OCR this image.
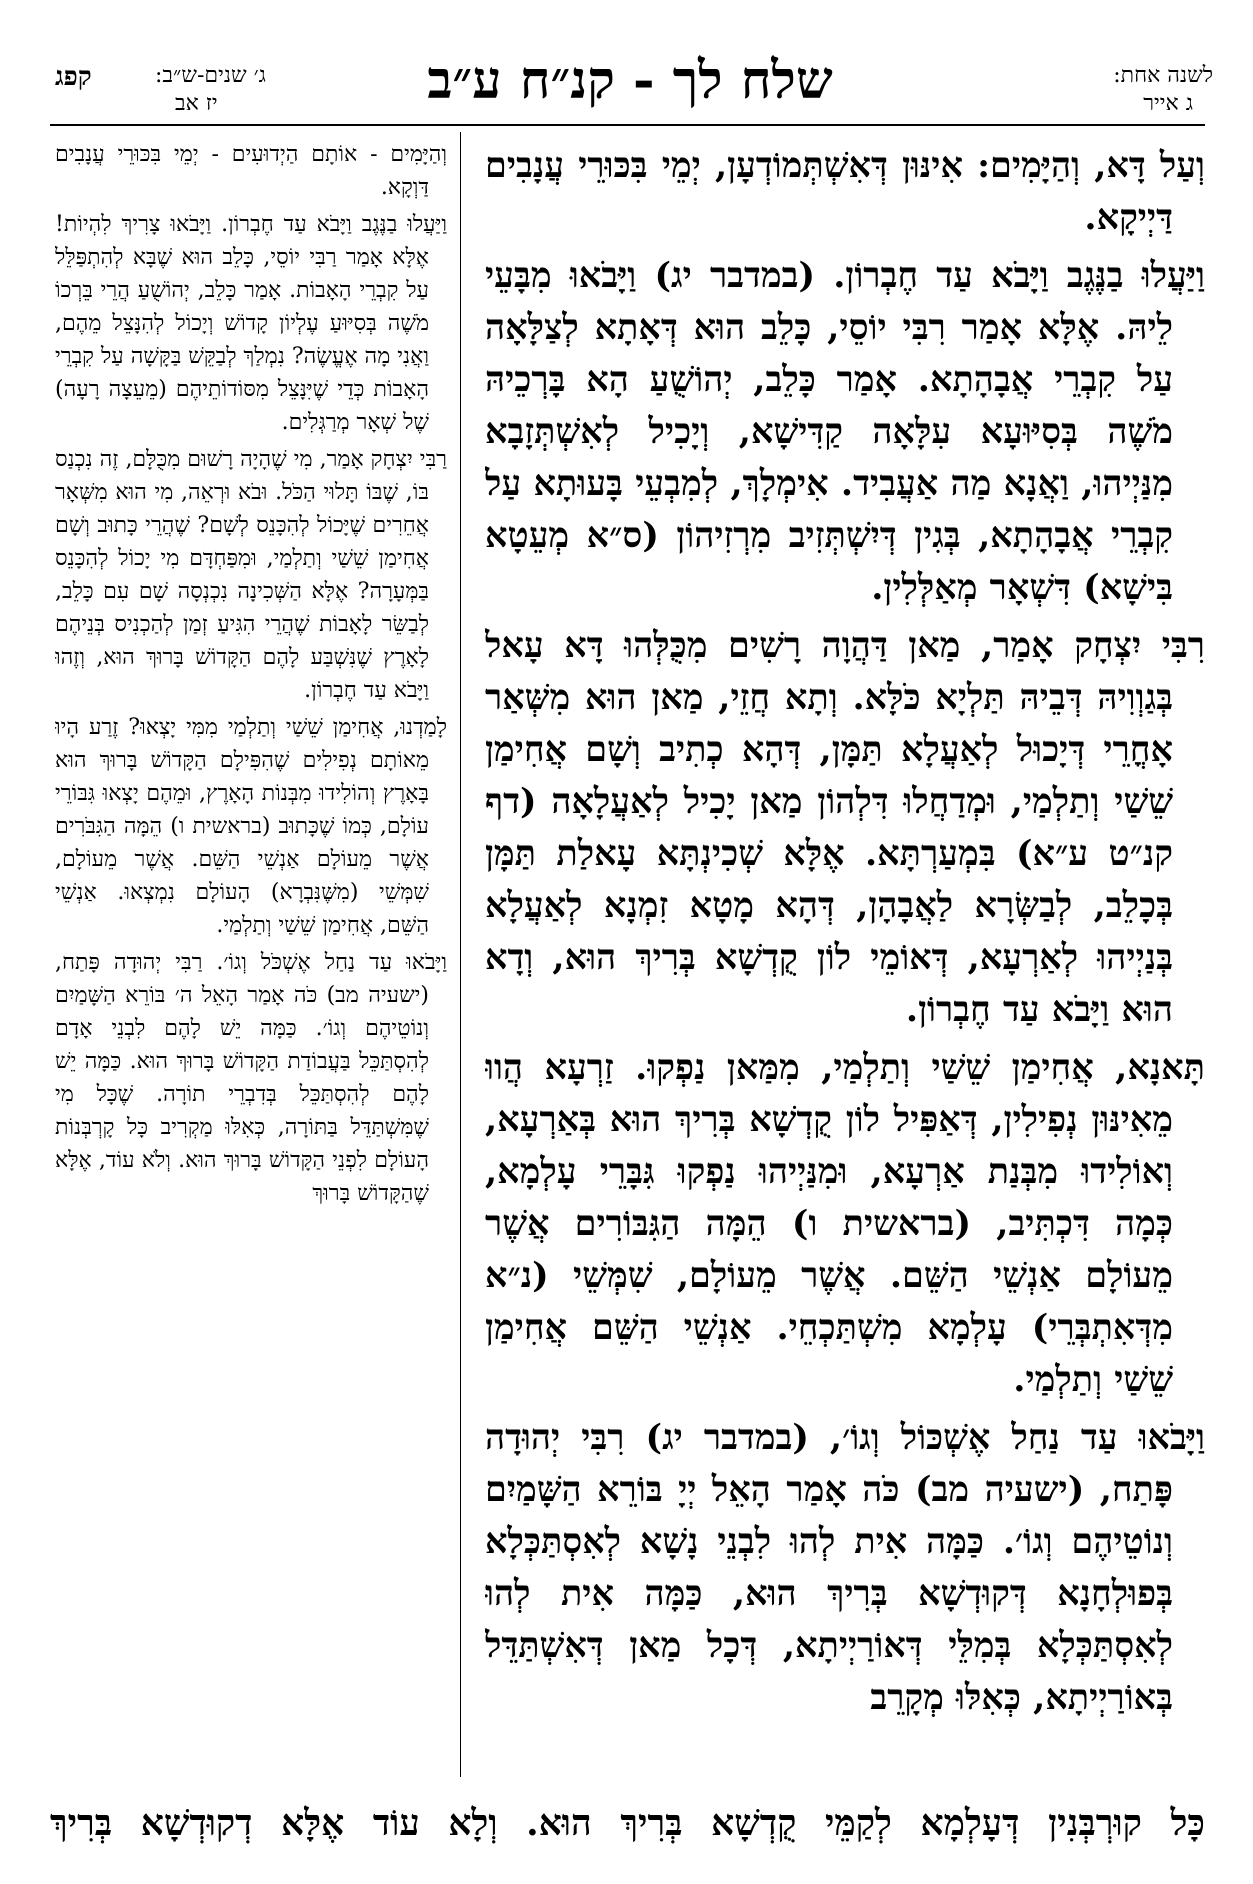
לשנה אחת:
ג אייר
שלח לך - קנ״ח ע״ב
ג׳ שנים-ש״ב:
יז אב
קפג

וְעַל דָּא, וְהַיָּמִים: אִינּוּן דְּאִשְׁתְּמוֹדְעָן, יְמֵי בִּכּוּרֵי עֲנָבִים דַּיְיקָא.

וַיַּעֲלוּ בַנֶּגֶב וַיָּבֹא עַד חֶבְרוֹן. (במדבר יג) וַיָּבֹאוּ מִבָּעֵי לֵיהּ. אֶלָּא אָמַר רִבִּי יוֹסֵי, כָּלֵב הוּא דְּאָתָא לְצַלָּאָה עַל קִבְרֵי אֲבָהָתָא. אָמַר כָּלֵב, יְהוֹשֻׁעַ הָא בָּרְכֵיהּ מֹשֶׁה בְּסִיּוּעָא עִלָּאָה קַדִּישָׁא, וְיָכִיל לְאִשְׁתְּזָבָא מִנַּיְיהוּ, וַאֲנָא מַה אַעֲבִיד. אִימְלָךְ, לְמִבְעֵי בָּעוּתָא עַל קִבְרֵי אֲבָהָתָא, בְּגִין דְּיִשְׁתְּזִיב מִרְזִיהוֹן (ס״א מְעֵטָא בִּישָׁא) דִּשְׁאָר מְאַלְּלִין.

רִבִּי יִצְחָק אָמַר, מַאן דַּהֲוָה רָשִׁים מִכֻּלְּהוּ דָּא עָאל בְּגַוְוִיהּ דְּבֵיהּ תַּלְיָא כֹּלָּא. וְתָא חֲזֵי, מַאן הוּא מִשְּׁאַר אָחֳרֵי דְּיָכוּל לְאַעֲלָא תַּמָּן, דְּהָא כְתִיב וְשָׁם אֲחִימַן שֵׁשַׁי וְתַלְמַי, וּמְדַחֲלוּ דִּלְהוֹן מַאן יָכִיל לְאַעֲלָאָה (דף קנ״ט ע״א) בִּמְעַרְתָּא. אֶלָּא שְׁכִינְתָּא עָאלַת תַּמָּן בְּכָלֵב, לְבַשְּׂרָא לַאֲבָהָן, דְּהָא מָטָא זִמְנָא לְאַעֲלָא בְּנַיְיהוּ לְאַרְעָא, דְּאוֹמֵי לוֹן קֻדְשָׁא בְּרִיךְ הוּא, וְדָא הוּא וַיָּבֹא עַד חֶבְרוֹן.

תָּאנָא, אֲחִימַן שֵׁשַׁי וְתַלְמַי, מִמַּאן נַפְקוּ. זַרְעָא הֲווּ מֵאִינּוּן נְפִילִין, דְּאַפִּיל לוֹן קֻדְשָׁא בְּרִיךְ הוּא בְּאַרְעָא, וְאוֹלִידוּ מִבְּנַת אַרְעָא, וּמִנַּיְיהוּ נַפְקוּ גִּבָּרֵי עָלְמָא, כְּמָה דִּכְתִּיב, (בראשית ו) הֵמָּה הַגִּבּוֹרִים אֲשֶׁר מֵעוֹלָם אַנְשֵׁי הַשֵּׁם. אֲשֶׁר מֵעוֹלָם, שִׁמְּשֵׁי (נ״א מִדְּאִתְבְּרֵי) עָלְמָא מִשְׁתַּכְחֵי. אַנְשֵׁי הַשֵּׁם אֲחִימַן שֵׁשַׁי וְתַלְמַי.

וַיָּבֹאוּ עַד נַחַל אֶשְׁכּוֹל וְגוֹ׳, (במדבר יג) רִבִּי יְהוּדָה פָּתַח, (ישעיה מב) כֹּה אָמַר הָאֵל יְיָ בּוֹרֵא הַשָּׁמַיִם וְנוֹטֵיהֶם וְגוֹ׳. כַּמָּה אִית לְהוּ לִבְנֵי נָשָׁא לְאִסְתַּכְּלָא בְּפוּלְחָנָא דְּקוּדְשָׁא בְּרִיךְ הוּא, כַּמָּה אִית לְהוּ לְאִסְתַּכְּלָא בְּמִלֵּי דְּאוֹרַיְיתָא, דְּכָל מַאן דְּאִשְׁתַּדֵּל בְּאוֹרַיְיתָא, כְּאִלּוּ מְקָרֵב

וְהַיָּמִים - אוֹתָם הַיְדוּעִים - יְמֵי בִּכּוּרֵי עֲנָבִים דַּוְקָא.

וַיַּעֲלוּ בַנֶּגֶב וַיָּבֹא עַד חֶבְרוֹן. וַיָּבֹאוּ צָרִיךְ לִהְיוֹת! אֶלָּא אָמַר רַבִּי יוֹסֵי, כָּלֵב הוּא שֶׁבָּא לְהִתְפַּלֵּל עַל קִבְרֵי הָאָבוֹת. אָמַר כָּלֵב, יְהוֹשֻׁעַ הֲרֵי בֵּרְכוֹ מֹשֶׁה בְּסִיּוּעַ עֶלְיוֹן קָדוֹשׁ וְיָכוֹל לְהִנָּצֵל מֵהֶם, וַאֲנִי מָה אֶעֱשֶׂה? נִמְלַךְ לְבַקֵּשׁ בַּקָּשָׁה עַל קִבְרֵי הָאָבוֹת כְּדֵי שֶׁיִּנָּצֵל מִסּוֹדוֹתֵיהֶם (מֵעֵצָה רָעָה) שֶׁל שְׁאָר מְרַגְּלִים.

רַבִּי יִצְחָק אָמַר, מִי שֶׁהָיָה רָשׁוּם מִכֻּלָּם, זֶה נִכְנַס בּוֹ, שֶׁבּוֹ תָּלוּי הַכֹּל. וּבֹא וּרְאֵה, מִי הוּא מִשְּׁאָר אֲחֵרִים שֶׁיָּכוֹל לְהִכָּנֵס לְשָׁם? שֶׁהֲרֵי כָּתוּב וְשָׁם אֲחִימַן שֵׁשַׁי וְתַלְמַי, וּמִפַּחְדָּם מִי יָכוֹל לְהִכָּנֵס בַּמְּעָרָה? אֶלָּא הַשְּׁכִינָה נִכְנְסָה שָׁם עִם כָּלֵב, לְבַשֵּׂר לָאָבוֹת שֶׁהֲרֵי הִגִּיעַ זְמַן לְהַכְנִיס בְּנֵיהֶם לָאָרֶץ שֶׁנִּשְׁבַּע לָהֶם הַקָּדוֹשׁ בָּרוּךְ הוּא, וְזֶהוּ וַיָּבֹא עַד חֶבְרוֹן.

לָמַדְנוּ, אֲחִימַן שֵׁשַׁי וְתַלְמַי מִמִּי יָצְאוּ? זֶרַע הָיוּ מֵאוֹתָם נְפִילִים שֶׁהִפִּילָם הַקָּדוֹשׁ בָּרוּךְ הוּא בָּאָרֶץ וְהוֹלִידוּ מִבְּנוֹת הָאָרֶץ, וּמֵהֶם יָצְאוּ גִּבּוֹרֵי עוֹלָם, כְּמוֹ שֶׁכָּתוּב (בראשית ו) הֵמָּה הַגִּבֹּרִים אֲשֶׁר מֵעוֹלָם אַנְשֵׁי הַשֵּׁם. אֲשֶׁר מֵעוֹלָם, שִׁמְּשֵׁי (מִשֶּׁנִּבְרָא) הָעוֹלָם נִמְצְאוּ. אַנְשֵׁי הַשֵּׁם, אֲחִימַן שֵׁשַׁי וְתַלְמַי.

וַיָּבֹאוּ עַד נַחַל אֶשְׁכֹּל וְגוֹ׳. רַבִּי יְהוּדָה פָּתַח, (ישעיה מב) כֹּה אָמַר הָאֵל ה׳ בּוֹרֵא הַשָּׁמַיִם וְנוֹטֵיהֶם וְגוֹ׳. כַּמָּה יֵשׁ לָהֶם לִבְנֵי אָדָם לְהִסְתַּכֵּל בַּעֲבוֹדַת הַקָּדוֹשׁ בָּרוּךְ הוּא. כַּמָּה יֵשׁ לָהֶם לְהִסְתַּכֵּל בְּדִבְרֵי תוֹרָה. שֶׁכָּל מִי שֶׁמִּשְׁתַּדֵּל בַּתּוֹרָה, כְּאִלּוּ מַקְרִיב כָּל קָרְבְּנוֹת הָעוֹלָם לִפְנֵי הַקָּדוֹשׁ בָּרוּךְ הוּא. וְלֹא עוֹד, אֶלָּא שֶׁהַקָּדוֹשׁ בָּרוּךְ

כָּל קוּרְבְּנִין דְּעָלְמָא לְקַמֵּי קֻדְשָׁא בְּרִיךְ הוּא. וְלָא עוֹד אֶלָּא דְקוּדְשָׁא בְּרִיךְ
